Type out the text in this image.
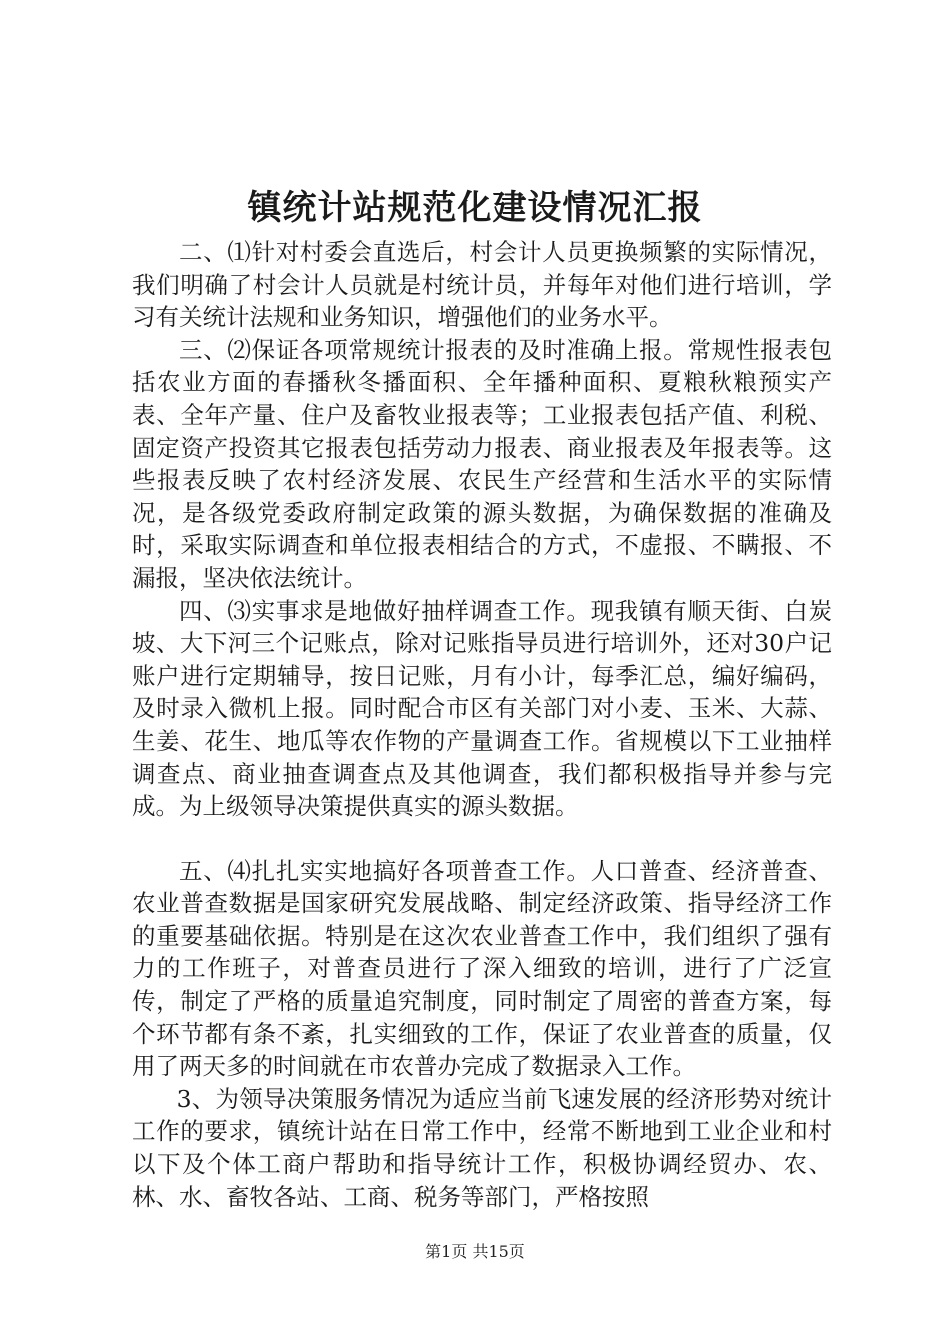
镇统计站规范化建设情况汇报

二、⑴针对村委会直选后，村会计人员更换频繁的实际情况，我们明确了村会计人员就是村统计员，并每年对他们进行培训，学习有关统计法规和业务知识，增强他们的业务水平。

三、⑵保证各项常规统计报表的及时准确上报。常规性报表包括农业方面的春播秋冬播面积、全年播种面积、夏粮秋粮预实产表、全年产量、住户及畜牧业报表等；工业报表包括产值、利税、固定资产投资其它报表包括劳动力报表、商业报表及年报表等。这些报表反映了农村经济发展、农民生产经营和生活水平的实际情况，是各级党委政府制定政策的源头数据，为确保数据的准确及时，采取实际调查和单位报表相结合的方式，不虚报、不瞒报、不漏报，坚决依法统计。

四、⑶实事求是地做好抽样调查工作。现我镇有顺天街、白炭坡、大下河三个记账点，除对记账指导员进行培训外，还对30户记账户进行定期辅导，按日记账，月有小计，每季汇总，编好编码，及时录入微机上报。同时配合市区有关部门对小麦、玉米、大蒜、生姜、花生、地瓜等农作物的产量调查工作。省规模以下工业抽样调查点、商业抽查调查点及其他调查，我们都积极指导并参与完成。为上级领导决策提供真实的源头数据。

五、⑷扎扎实实地搞好各项普查工作。人口普查、经济普查、农业普查数据是国家研究发展战略、制定经济政策、指导经济工作的重要基础依据。特别是在这次农业普查工作中，我们组织了强有力的工作班子，对普查员进行了深入细致的培训，进行了广泛宣传，制定了严格的质量追究制度，同时制定了周密的普查方案，每个环节都有条不紊，扎实细致的工作，保证了农业普查的质量，仅用了两天多的时间就在市农普办完成了数据录入工作。

3、为领导决策服务情况为适应当前飞速发展的经济形势对统计工作的要求，镇统计站在日常工作中，经常不断地到工业企业和村以下及个体工商户帮助和指导统计工作，积极协调经贸办、农、林、水、畜牧各站、工商、税务等部门，严格按照

第1页 共15页
